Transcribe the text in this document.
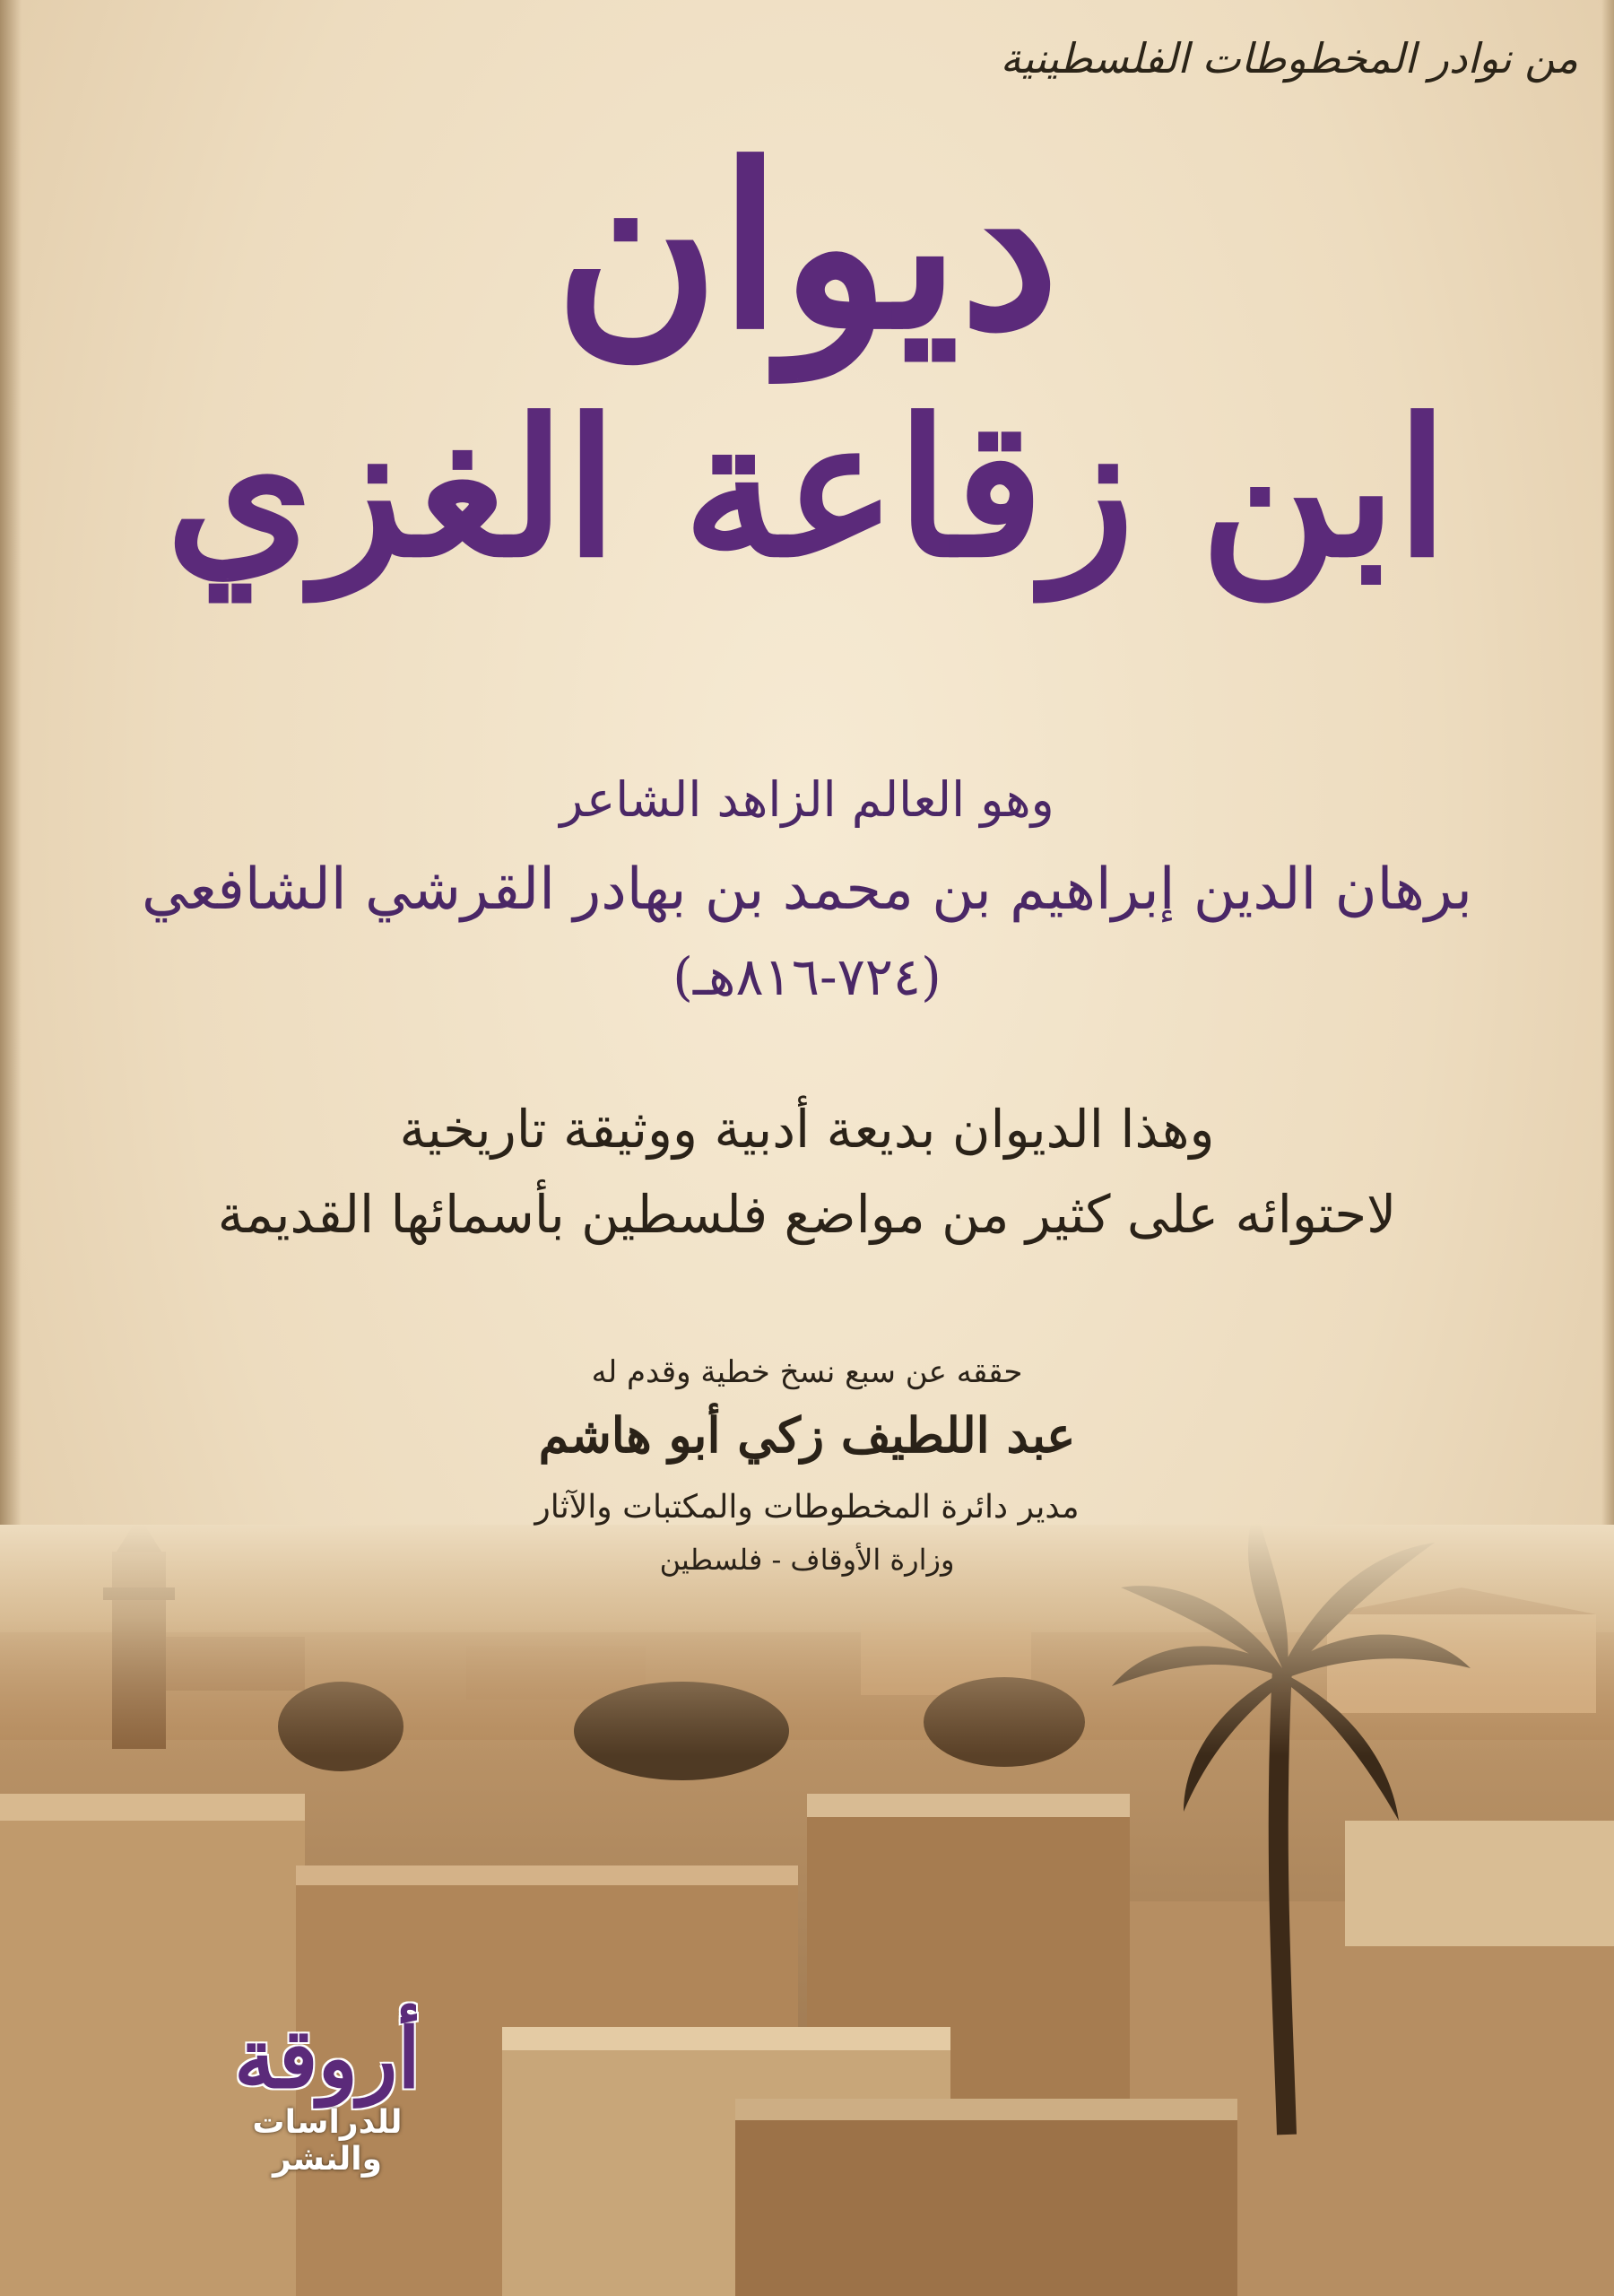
من نوادر المخطوطات الفلسطينية

ديوان
ابن زقاعة الغزي

وهو العالم الزاهد الشاعر

برهان الدين إبراهيم بن محمد بن بهادر القرشي الشافعي

(٧٢٤-٨١٦هـ)

وهذا الديوان بديعة أدبية ووثيقة تاريخية

لاحتوائه على كثير من مواضع فلسطين بأسمائها القديمة

حققه عن سبع نسخ خطية وقدم له

عبد اللطيف زكي أبو هاشم

مدير دائرة المخطوطات والمكتبات والآثار

وزارة الأوقاف - فلسطين

أروقة
للدراسات والنشر
